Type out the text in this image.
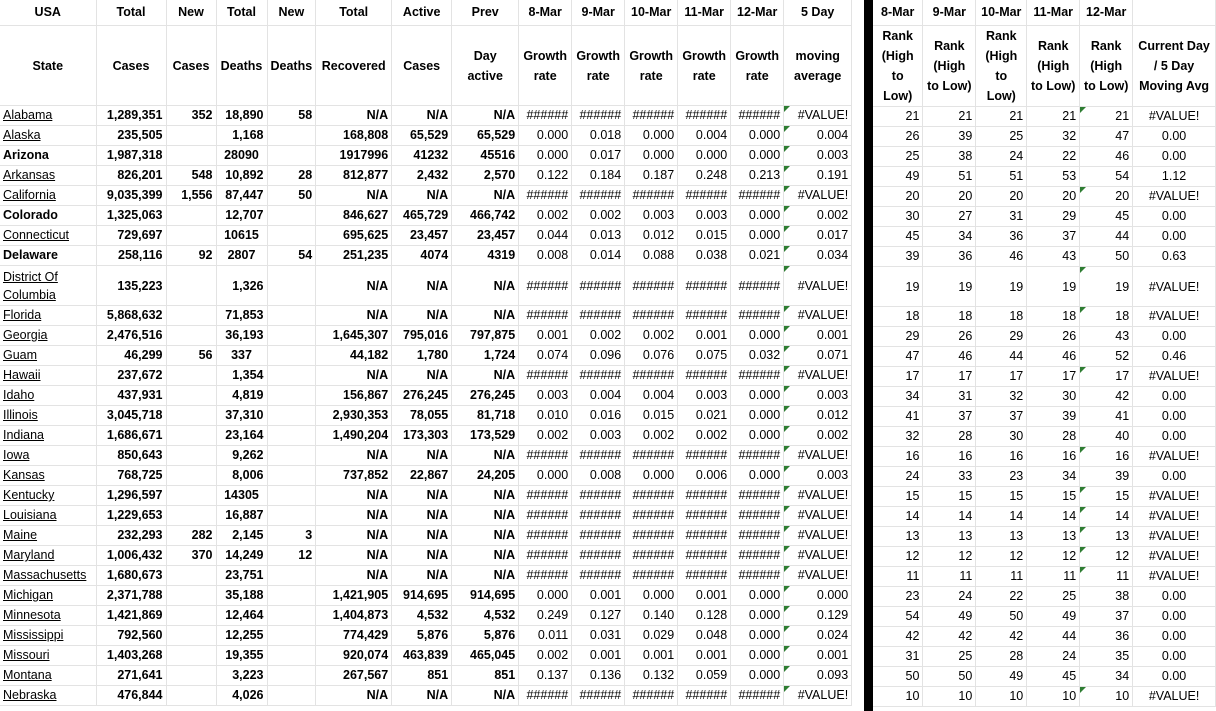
USA	Total	New	Total	New	Total	Active	Prev	8-Mar	9-Mar	10-Mar	11-Mar	12-Mar	5 Day
State	Cases	Cases	Deaths	Deaths	Recovered	Cases	Day active	Growth rate	Growth rate	Growth rate	Growth rate	Growth rate	moving average
Alabama	1,289,351	352	18,890	58	N/A	N/A	N/A	######	######	######	######	######	#VALUE!
Alaska	235,505		1,168		168,808	65,529	65,529	0.000	0.018	0.000	0.004	0.000	0.004
Arizona	1,987,318		28090		1917996	41232	45516	0.000	0.017	0.000	0.000	0.000	0.003
Arkansas	826,201	548	10,892	28	812,877	2,432	2,570	0.122	0.184	0.187	0.248	0.213	0.191
California	9,035,399	1,556	87,447	50	N/A	N/A	N/A	######	######	######	######	######	#VALUE!
Colorado	1,325,063		12,707		846,627	465,729	466,742	0.002	0.002	0.003	0.003	0.000	0.002
Connecticut	729,697		10615		695,625	23,457	23,457	0.044	0.013	0.012	0.015	0.000	0.017
Delaware	258,116	92	2807	54	251,235	4074	4319	0.008	0.014	0.088	0.038	0.021	0.034
District Of Columbia	135,223		1,326		N/A	N/A	N/A	######	######	######	######	######	#VALUE!
Florida	5,868,632		71,853		N/A	N/A	N/A	######	######	######	######	######	#VALUE!
Georgia	2,476,516		36,193		1,645,307	795,016	797,875	0.001	0.002	0.002	0.001	0.000	0.001
Guam	46,299	56	337		44,182	1,780	1,724	0.074	0.096	0.076	0.075	0.032	0.071
Hawaii	237,672		1,354		N/A	N/A	N/A	######	######	######	######	######	#VALUE!
Idaho	437,931		4,819		156,867	276,245	276,245	0.003	0.004	0.004	0.003	0.000	0.003
Illinois	3,045,718		37,310		2,930,353	78,055	81,718	0.010	0.016	0.015	0.021	0.000	0.012
Indiana	1,686,671		23,164		1,490,204	173,303	173,529	0.002	0.003	0.002	0.002	0.000	0.002
Iowa	850,643		9,262		N/A	N/A	N/A	######	######	######	######	######	#VALUE!
Kansas	768,725		8,006		737,852	22,867	24,205	0.000	0.008	0.000	0.006	0.000	0.003
Kentucky	1,296,597		14305		N/A	N/A	N/A	######	######	######	######	######	#VALUE!
Louisiana	1,229,653		16,887		N/A	N/A	N/A	######	######	######	######	######	#VALUE!
Maine	232,293	282	2,145	3	N/A	N/A	N/A	######	######	######	######	######	#VALUE!
Maryland	1,006,432	370	14,249	12	N/A	N/A	N/A	######	######	######	######	######	#VALUE!
Massachusetts	1,680,673		23,751		N/A	N/A	N/A	######	######	######	######	######	#VALUE!
Michigan	2,371,788		35,188		1,421,905	914,695	914,695	0.000	0.001	0.000	0.001	0.000	0.000
Minnesota	1,421,869		12,464		1,404,873	4,532	4,532	0.249	0.127	0.140	0.128	0.000	0.129
Mississippi	792,560		12,255		774,429	5,876	5,876	0.011	0.031	0.029	0.048	0.000	0.024
Missouri	1,403,268		19,355		920,074	463,839	465,045	0.002	0.001	0.001	0.001	0.000	0.001
Montana	271,641		3,223		267,567	851	851	0.137	0.136	0.132	0.059	0.000	0.093
Nebraska	476,844		4,026		N/A	N/A	N/A	######	######	######	######	######	#VALUE!
8-Mar	9-Mar	10-Mar	11-Mar	12-Mar	
Rank (High to Low)	Rank (High to Low)	Rank (High to Low)	Rank (High to Low)	Rank (High to Low)	Current Day / 5 Day Moving Avg
21	21	21	21	21	#VALUE!
26	39	25	32	47	0.00
25	38	24	22	46	0.00
49	51	51	53	54	1.12
20	20	20	20	20	#VALUE!
30	27	31	29	45	0.00
45	34	36	37	44	0.00
39	36	46	43	50	0.63
19	19	19	19	19	#VALUE!
18	18	18	18	18	#VALUE!
29	26	29	26	43	0.00
47	46	44	46	52	0.46
17	17	17	17	17	#VALUE!
34	31	32	30	42	0.00
41	37	37	39	41	0.00
32	28	30	28	40	0.00
16	16	16	16	16	#VALUE!
24	33	23	34	39	0.00
15	15	15	15	15	#VALUE!
14	14	14	14	14	#VALUE!
13	13	13	13	13	#VALUE!
12	12	12	12	12	#VALUE!
11	11	11	11	11	#VALUE!
23	24	22	25	38	0.00
54	49	50	49	37	0.00
42	42	42	44	36	0.00
31	25	28	24	35	0.00
50	50	49	45	34	0.00
10	10	10	10	10	#VALUE!
